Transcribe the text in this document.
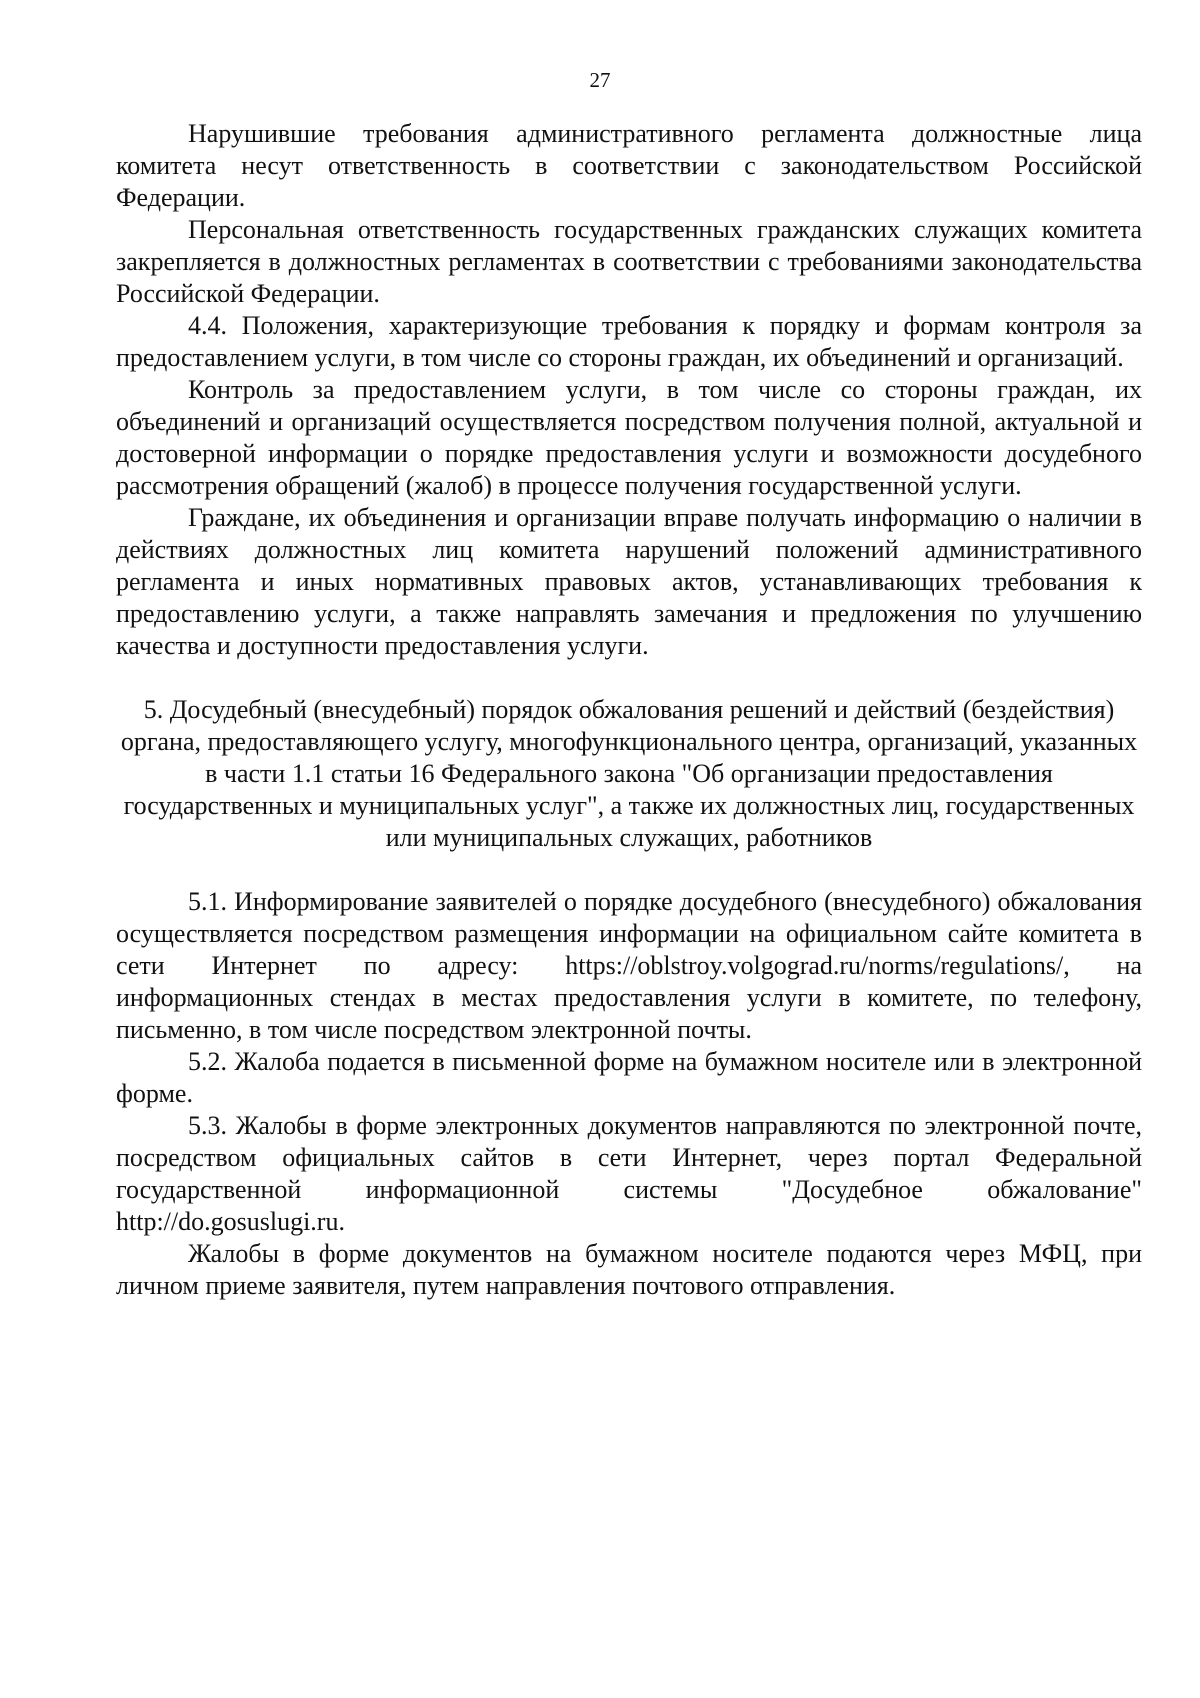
27

Нарушившие требования административного регламента должностные лица комитета несут ответственность в соответствии с законодательством Российской Федерации.

Персональная ответственность государственных гражданских служащих комитета закрепляется в должностных регламентах в соответствии с требованиями законодательства Российской Федерации.

4.4. Положения, характеризующие требования к порядку и формам контроля за предоставлением услуги, в том числе со стороны граждан, их объединений и организаций.

Контроль за предоставлением услуги, в том числе со стороны граждан, их объединений и организаций осуществляется посредством получения полной, актуальной и достоверной информации о порядке предоставления услуги и возможности досудебного рассмотрения обращений (жалоб) в процессе получения государственной услуги.

Граждане, их объединения и организации вправе получать информацию о наличии в действиях должностных лиц комитета нарушений положений административного регламента и иных нормативных правовых актов, устанавливающих требования к предоставлению услуги, а также направлять замечания и предложения по улучшению качества и доступности предоставления услуги.

5. Досудебный (внесудебный) порядок обжалования решений и действий (бездействия) органа, предоставляющего услугу, многофункционального центра, организаций, указанных в части 1.1 статьи 16 Федерального закона "Об организации предоставления государственных и муниципальных услуг", а также их должностных лиц, государственных или муниципальных служащих, работников

5.1. Информирование заявителей о порядке досудебного (внесудебного) обжалования осуществляется посредством размещения информации на официальном сайте комитета в сети Интернет по адресу: https://oblstroy.volgograd.ru/norms/regulations/, на информационных стендах в местах предоставления услуги в комитете, по телефону, письменно, в том числе посредством электронной почты.

5.2. Жалоба подается в письменной форме на бумажном носителе или в электронной форме.

5.3. Жалобы в форме электронных документов направляются по электронной почте, посредством официальных сайтов в сети Интернет, через портал Федеральной государственной информационной системы "Досудебное обжалование" http://do.gosuslugi.ru.

Жалобы в форме документов на бумажном носителе подаются через МФЦ, при личном приеме заявителя, путем направления почтового отправления.
